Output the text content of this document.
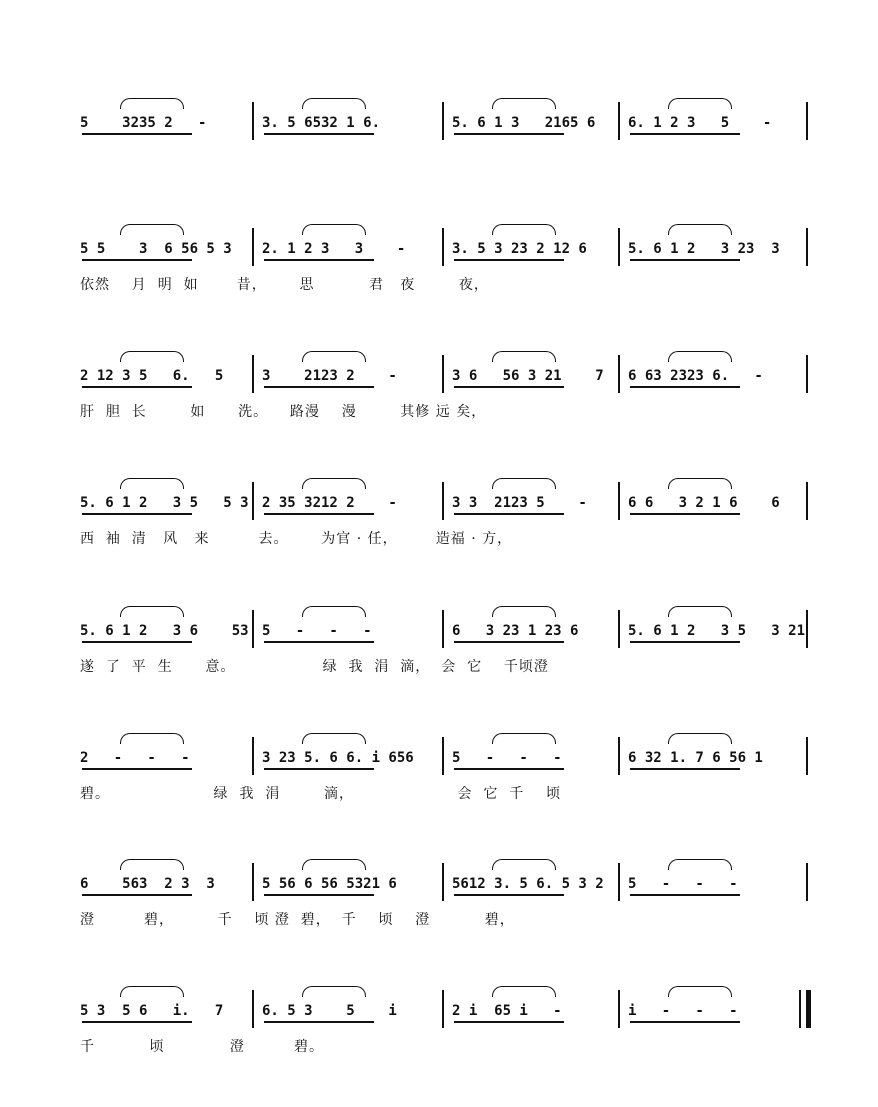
5    3235 2   -	3. 5 6532 1 6.	5. 6 1 3   2165 6 6. 1 2 3   5    -
5 5    3  6 56 5 3 2. 1 2 3   3    -	3. 5 3 23 2 12 6	5. 6 1 2   3 23  3
依然    月  明  如       昔，      思          君   夜        夜，
2 12 3 5   6.   5	3    2123 2    -	3 6   56 3 21    7 6 63 2323 6.   -
肝  胆  长        如      洗。    路漫    漫        其修 远 矣，
5. 6 1 2   3 5   5 3 2 35 3212 2    -	3 3  2123 5    -	6 6   3 2 1 6    6
西  袖  清   风   来         去。      为官 · 任，       造福 · 方，
5. 6 1 2   3 6    53 5   -   -   -	6   3 23 1 23 6	5. 6 1 2   3 5   3 21
遂  了  平  生      意。                绿  我  涓  滴，  会  它    千顷澄
2   -   -   -	3 23 5. 6 6. i 656	5   -   -   -	6 32 1. 7 6 56 1
碧。                   绿  我  涓        滴，                   会  它  千    顷
6    563  2 3  3	5 56 6 56 5321 6	5612 3. 5 6. 5 3 2 5   -   -   -
澄         碧，        千    顷 澄  碧，  千    顷    澄          碧，
5 3  5 6   i.   7	6. 5 3    5    i	2 i  65 i   -	i   -   -   -
千          顷            澄         碧。
